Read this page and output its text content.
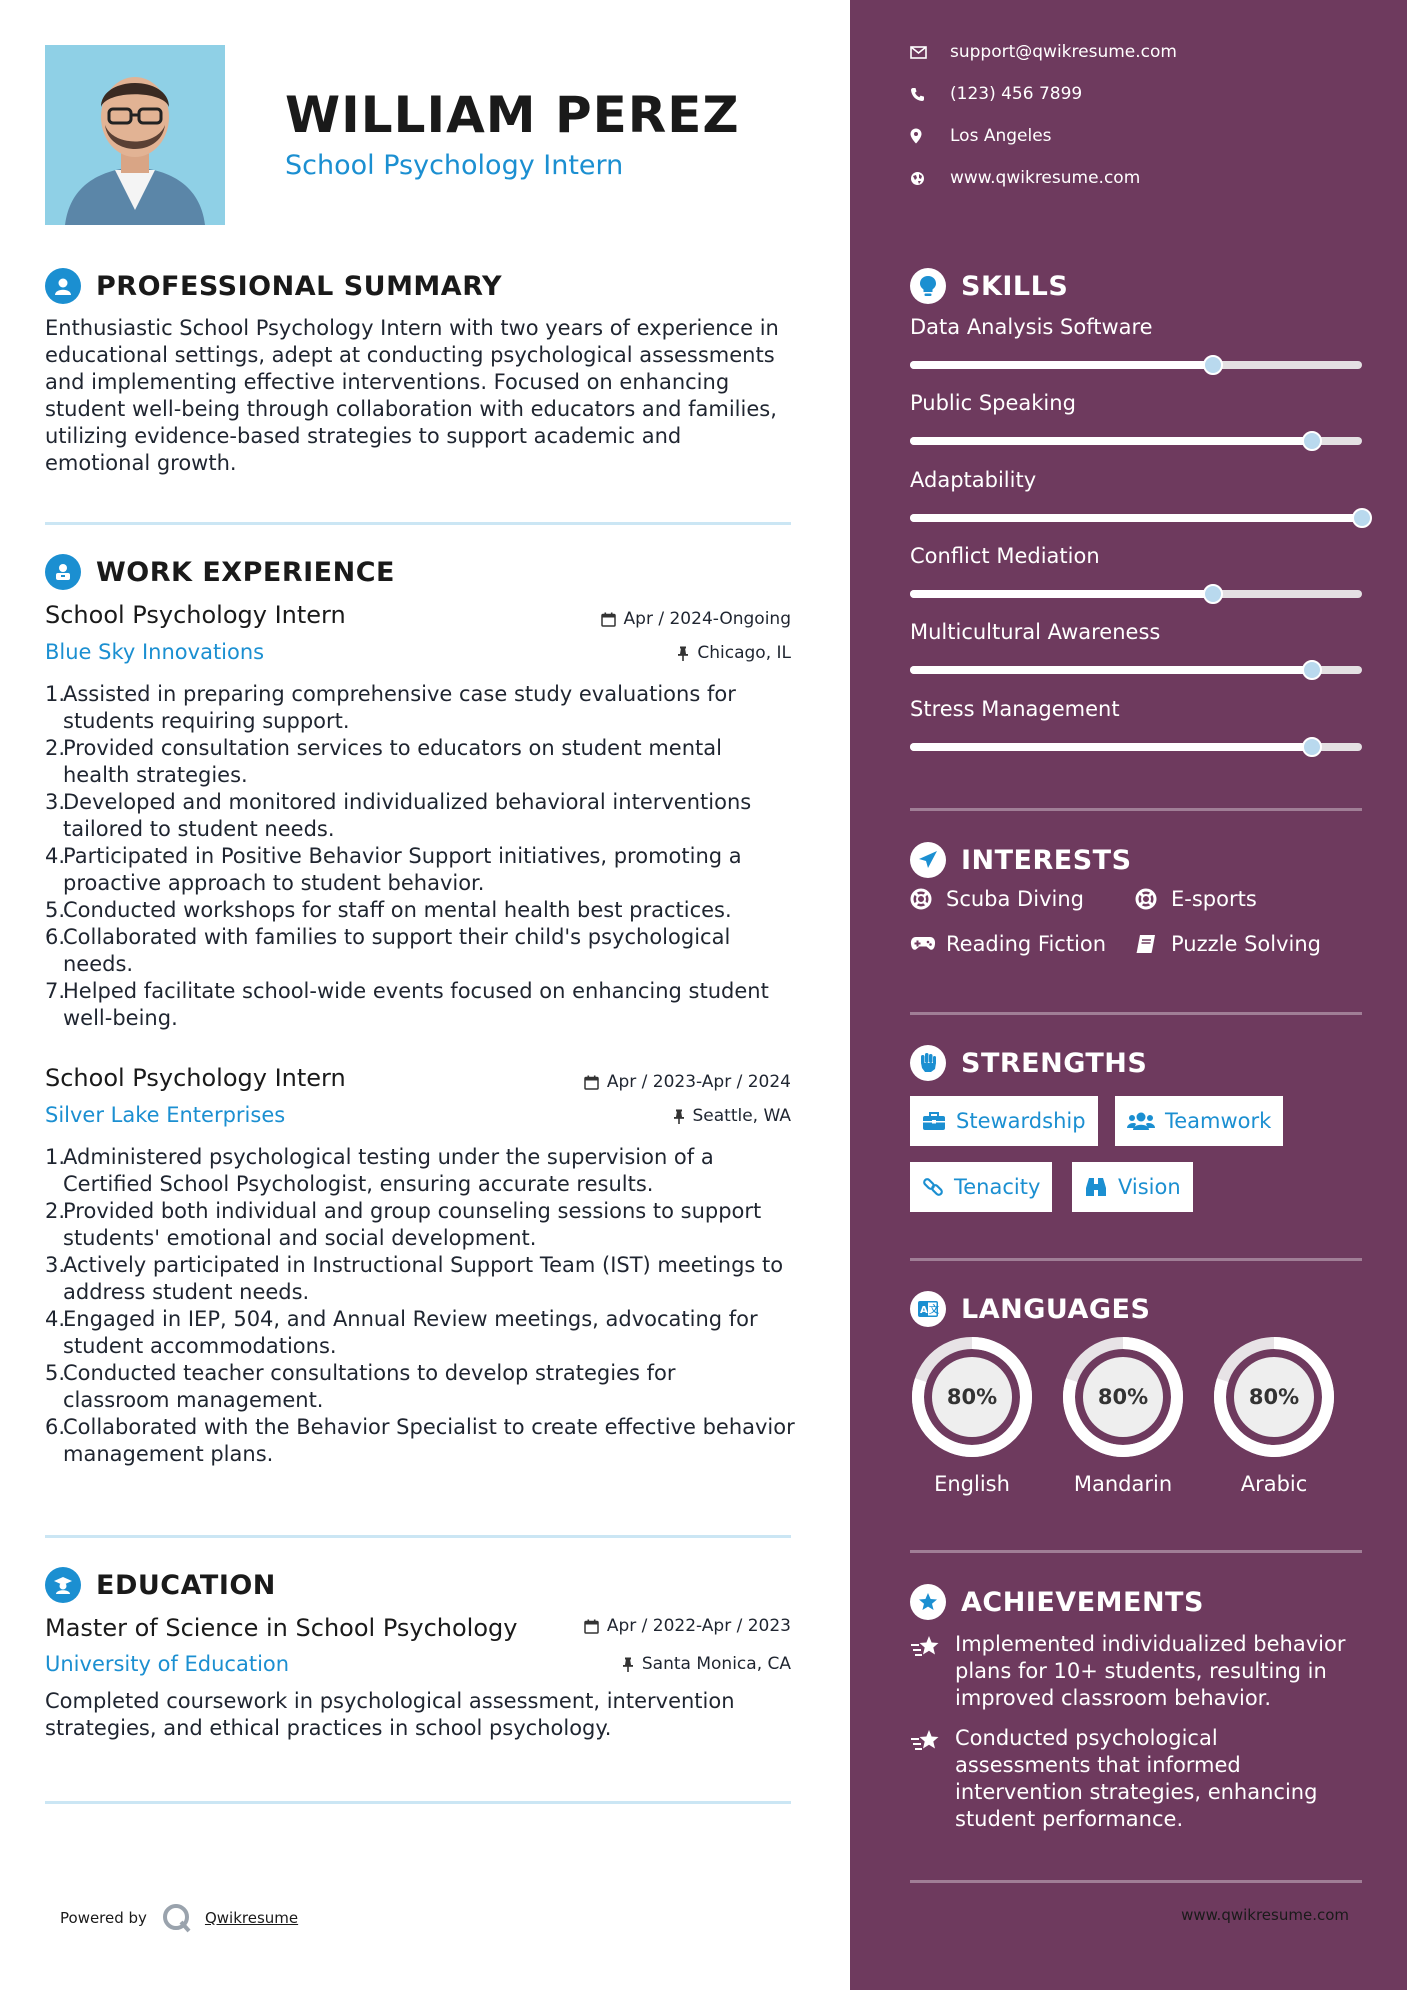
WILLIAM PEREZ
School Psychology Intern
PROFESSIONAL SUMMARY
Enthusiastic School Psychology Intern with two years of experience in
educational settings, adept at conducting psychological assessments
and implementing effective interventions. Focused on enhancing
student well-being through collaboration with educators and families,
utilizing evidence-based strategies to support academic and
emotional growth.
WORK EXPERIENCE
School Psychology Intern	Apr / 2024-Ongoing
Blue Sky Innovations	Chicago, IL
1.
Assisted in preparing comprehensive case study evaluations for
students requiring support.
2.
Provided consultation services to educators on student mental
health strategies.
3.
Developed and monitored individualized behavioral interventions
tailored to student needs.
4.
Participated in Positive Behavior Support initiatives, promoting a
proactive approach to student behavior.
5.
Conducted workshops for staff on mental health best practices.
6.
Collaborated with families to support their child's psychological
needs.
7.
Helped facilitate school-wide events focused on enhancing student
well-being.
School Psychology Intern	Apr / 2023-Apr / 2024
Silver Lake Enterprises	Seattle, WA
1.
Administered psychological testing under the supervision of a
Certified School Psychologist, ensuring accurate results.
2.
Provided both individual and group counseling sessions to support
students' emotional and social development.
3.
Actively participated in Instructional Support Team (IST) meetings to
address student needs.
4.
Engaged in IEP, 504, and Annual Review meetings, advocating for
student accommodations.
5.
Conducted teacher consultations to develop strategies for
classroom management.
6.
Collaborated with the Behavior Specialist to create effective behavior
management plans.
EDUCATION
Master of Science in School Psychology	Apr / 2022-Apr / 2023
University of Education	Santa Monica, CA
Completed coursework in psychological assessment, intervention
strategies, and ethical practices in school psychology.
Powered by	Qwikresume
support@qwikresume.com
(123) 456 7899
Los Angeles
www.qwikresume.com
SKILLS
Data Analysis Software
Public Speaking
Adaptability
Conflict Mediation
Multicultural Awareness
Stress Management
INTERESTS
Scuba Diving	E-sports
Reading Fiction	Puzzle Solving
STRENGTHS
Stewardship	Teamwork
Tenacity	Vision
A 文 LANGUAGES
80%
English
80%
Mandarin
80%
Arabic
ACHIEVEMENTS
Implemented individualized behavior
plans for 10+ students, resulting in
improved classroom behavior.
Conducted psychological
assessments that informed
intervention strategies, enhancing
student performance.
www.qwikresume.com
